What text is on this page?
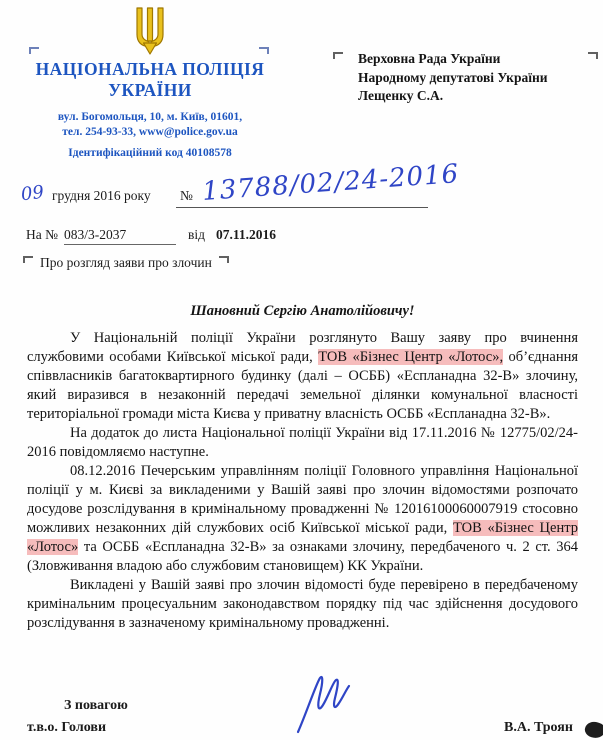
НАЦІОНАЛЬНА ПОЛІЦІЯ
УКРАЇНИ
вул. Богомольця, 10, м. Київ, 01601,
тел. 254-93-33, www@police.gov.ua
Ідентифікаційний код 40108578
Верховна Рада України
Народному депутатові України
Лещенку С.А.
09 грудня 2016 року № 13788/02/24-2016
На № 083/3-2037	від 07.11.2016
Про розгляд заяви про злочин
Шановний Сергію Анатолійовичу!

У Національній поліції України розглянуто Вашу заяву про вчинення службовими особами Київської міської ради, ТОВ «Бізнес Центр «Лотос», об’єднання співвласників багатоквартирного будинку (далі – ОСББ) «Еспланадна 32-В» злочину, який виразився в незаконній передачі земельної ділянки комунальної власності територіальної громади міста Києва у приватну власність ОСББ «Еспланадна 32-В».

На додаток до листа Національної поліції України від 17.11.2016 № 12775/02/24-2016 повідомляємо наступне.

08.12.2016 Печерським управлінням поліції Головного управління Національної поліції у м. Києві за викладеними у Вашій заяві про злочин відомостями розпочато досудове розслідування в кримінальному провадженні № 12016100060007919 стосовно можливих незаконних дій службових осіб Київської міської ради, ТОВ «Бізнес Центр «Лотос» та ОСББ «Еспланадна 32-В» за ознаками злочину, передбаченого ч. 2 ст. 364 (Зловживання владою або службовим становищем) КК України.

Викладені у Вашій заяві про злочин відомості буде перевірено в передбаченому кримінальним процесуальним законодавством порядку під час здійснення досудового розслідування в зазначеному кримінальному провадженні.

З повагою
т.в.о. Голови	В.А. Троян
